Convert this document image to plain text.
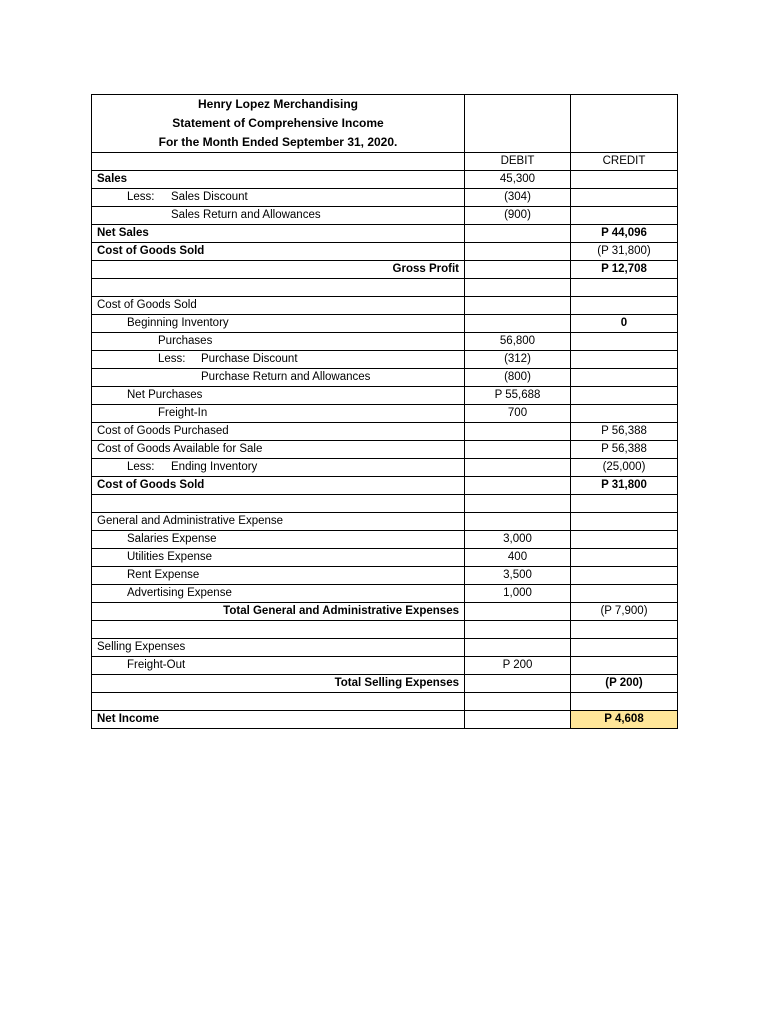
Henry Lopez Merchandising
Statement of Comprehensive Income
For the Month Ended September 31, 2020.		

	DEBIT	CREDIT
Sales	45,300	
Less: Sales Discount	(304)	
Sales Return and Allowances	(900)	
Net Sales		P 44,096
Cost of Goods Sold		(P 31,800)
Gross Profit		P 12,708

Cost of Goods Sold		
Beginning Inventory		0
Purchases	56,800	
Less: Purchase Discount	(312)	
Purchase Return and Allowances	(800)	
Net Purchases	P 55,688	
Freight-In	700	
Cost of Goods Purchased		P 56,388
Cost of Goods Available for Sale		P 56,388
Less: Ending Inventory		(25,000)
Cost of Goods Sold		P 31,800

General and Administrative Expense		
Salaries Expense	3,000	
Utilities Expense	400	
Rent Expense	3,500	
Advertising Expense	1,000	
Total General and Administrative Expenses		(P 7,900)

Selling Expenses		
Freight-Out	P 200	
Total Selling Expenses		(P 200)

Net Income		P 4,608
